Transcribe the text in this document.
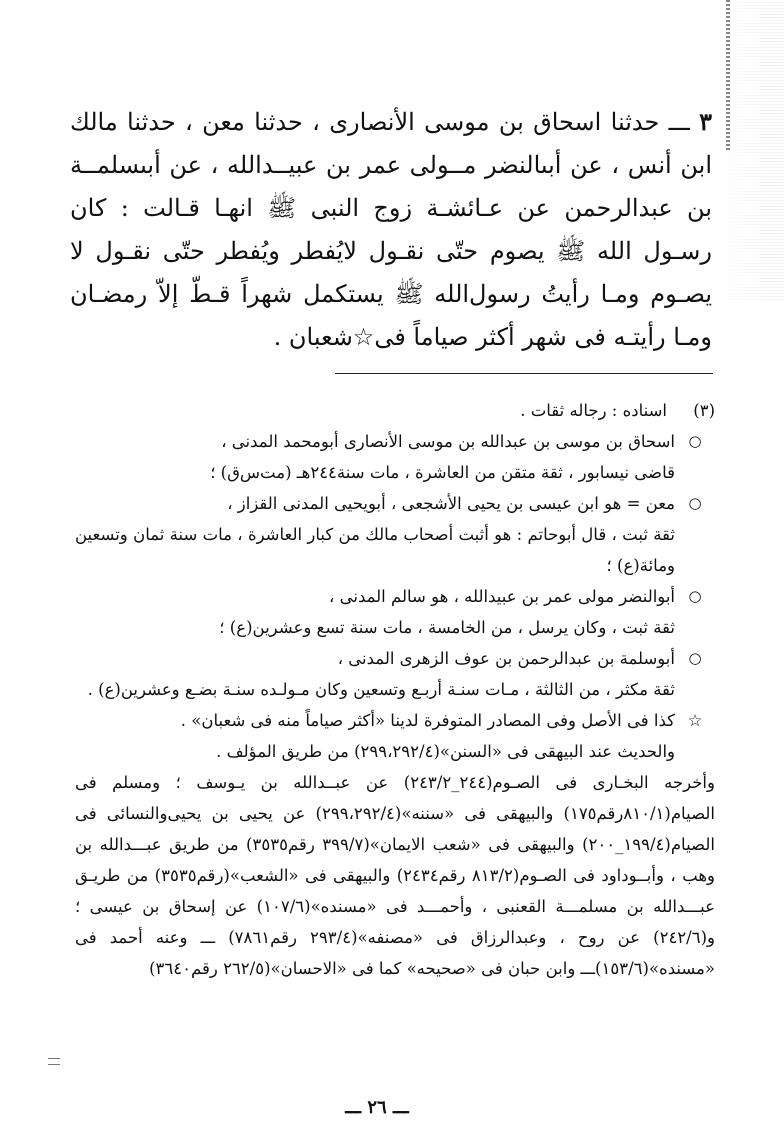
٣ ـــ حدثنا اسحاق بن موسى الأنصارى ، حدثنا معن ، حدثنا مالك ابن أنس ، عن أبىالنضر مــولى عمر بن عبيــدالله ، عن أبىسلمــة بن عبدالرحمن عن عـائشـة زوج النبى ﷺ انهـا قـالت : كان رسـول الله ﷺ يصوم حتّى نقـول لايُفطر ويُفطر حتّى نقـول لا يصـوم ومـا رأيتُ رسول‌الله ﷺ يستكمل شهراً قـطّ إلاّ رمضـان ومـا رأيتـه فى شهر أكثر صياماً فى☆شعبان .
(٣)
اسناده : رجاله ثقات .
○
اسحاق بن موسى بن عبدالله بن موسى الأنصارى أبومحمد المدنى ،
قاضى نيسابور ، ثقة متقن من العاشرة ، مات سنة٢٤٤هـ (مت‌س‌ق) ؛
○
معن = هو ابن عيسى بن يحيى الأشجعى ، أبويحيى المدنى القزاز ،
ثقة ثبت ، قال أبوحاتم : هو أثبت أصحاب مالك من كبار العاشرة ، مات سنة ثمان وتسعين ومائة(ع) ؛
○
أبوالنضر مولى عمر بن عبيدالله ، هو سالم المدنى ،
ثقة ثبت ، وكان يرسل ، من الخامسة ، مات سنة تسع وعشرين(ع) ؛
○
أبوسلمة بن عبدالرحمن بن عوف الزهرى المدنى ،
ثقة مكثر ، من الثالثة ، مـات سنـة أربـع وتسعين وكان مـولـده سنـة بضـع وعشرين(ع) .
☆
كذا فى الأصل وفى المصادر المتوفرة لدينا «أكثر صياماً منه فى شعبان» .
والحديث عند البيهقى فى «السنن»(٢٩٩،٢٩٢/٤) من طريق المؤلف .
وأخرجه البخـارى فى الصـوم(٢٤٤_٢٤٣/٢) عن عبــدالله بن يـوسف ؛ ومسلم فى الصيام(٨١٠/١رقم١٧٥) والبيهقى فى «سننه»(٢٩٩،٢٩٢/٤) عن يحيى بن يحيى‌والنسائى فى الصيام(١٩٩/٤_٢٠٠) والبيهقى فى «شعب الايمان»(٣٩٩/٧ رقم٣٥٣٥) من طريق عبـــدالله بن وهب ، وأبــوداود فى الصـوم(٨١٣/٢ رقم٢٤٣٤) والبيهقى فى «الشعب»(رقم٣٥٣٥) من طريـق عبـــدالله بن مسلمـــة القعنبى ، وأحمـــد فى «مسنده»(١٠٧/٦) عن إسحاق بن عيسى ؛ و(٢٤٢/٦) عن روح ، وعبدالرزاق فى «مصنفه»(٢٩٣/٤ رقم٧٨٦١) ـــ وعنه أحمد فى «مسنده»(١٥٣/٦)ـــ وابن حبان فى «صحيحه» كما فى «الاحسان»(٢٦٢/٥ رقم٣٦٤٠)
ـــ ٢٦ ـــ
